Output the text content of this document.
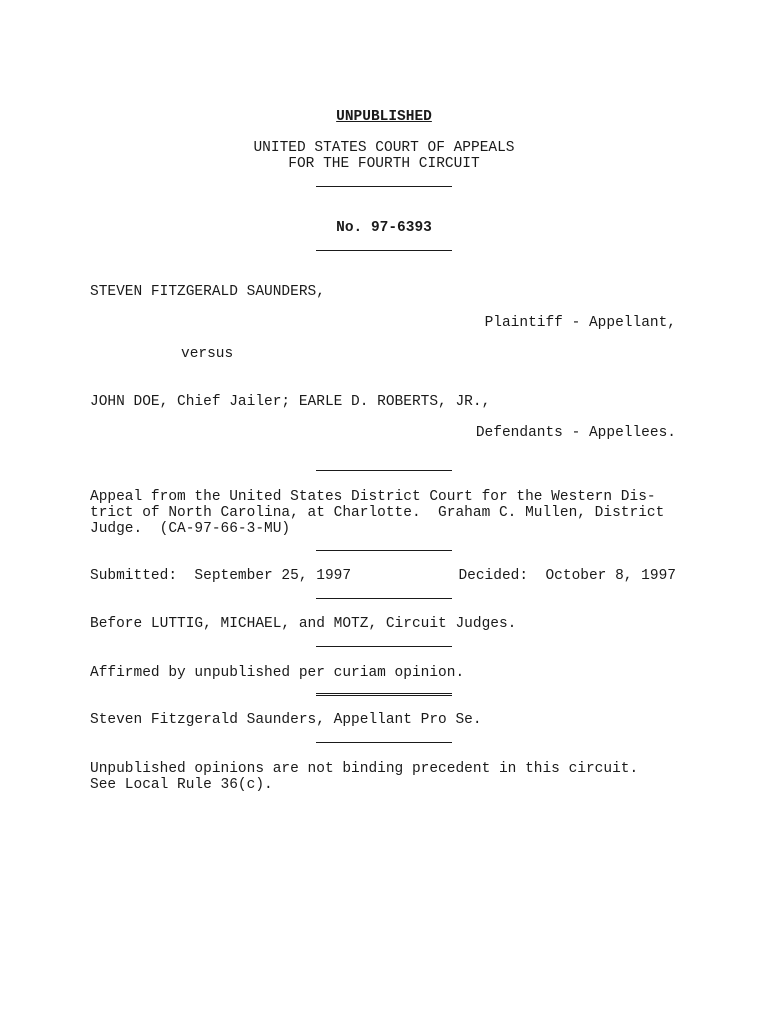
UNPUBLISHED
UNITED STATES COURT OF APPEALS
FOR THE FOURTH CIRCUIT
No. 97-6393
STEVEN FITZGERALD SAUNDERS,
Plaintiff - Appellant,
versus
JOHN DOE, Chief Jailer; EARLE D. ROBERTS, JR.,
Defendants - Appellees.
Appeal from the United States District Court for the Western Dis-
trict of North Carolina, at Charlotte.  Graham C. Mullen, District
Judge.  (CA-97-66-3-MU)
Submitted:  September 25, 1997	Decided:  October 8, 1997
Before LUTTIG, MICHAEL, and MOTZ, Circuit Judges.
Affirmed by unpublished per curiam opinion.
Steven Fitzgerald Saunders, Appellant Pro Se.
Unpublished opinions are not binding precedent in this circuit.
See Local Rule 36(c).
